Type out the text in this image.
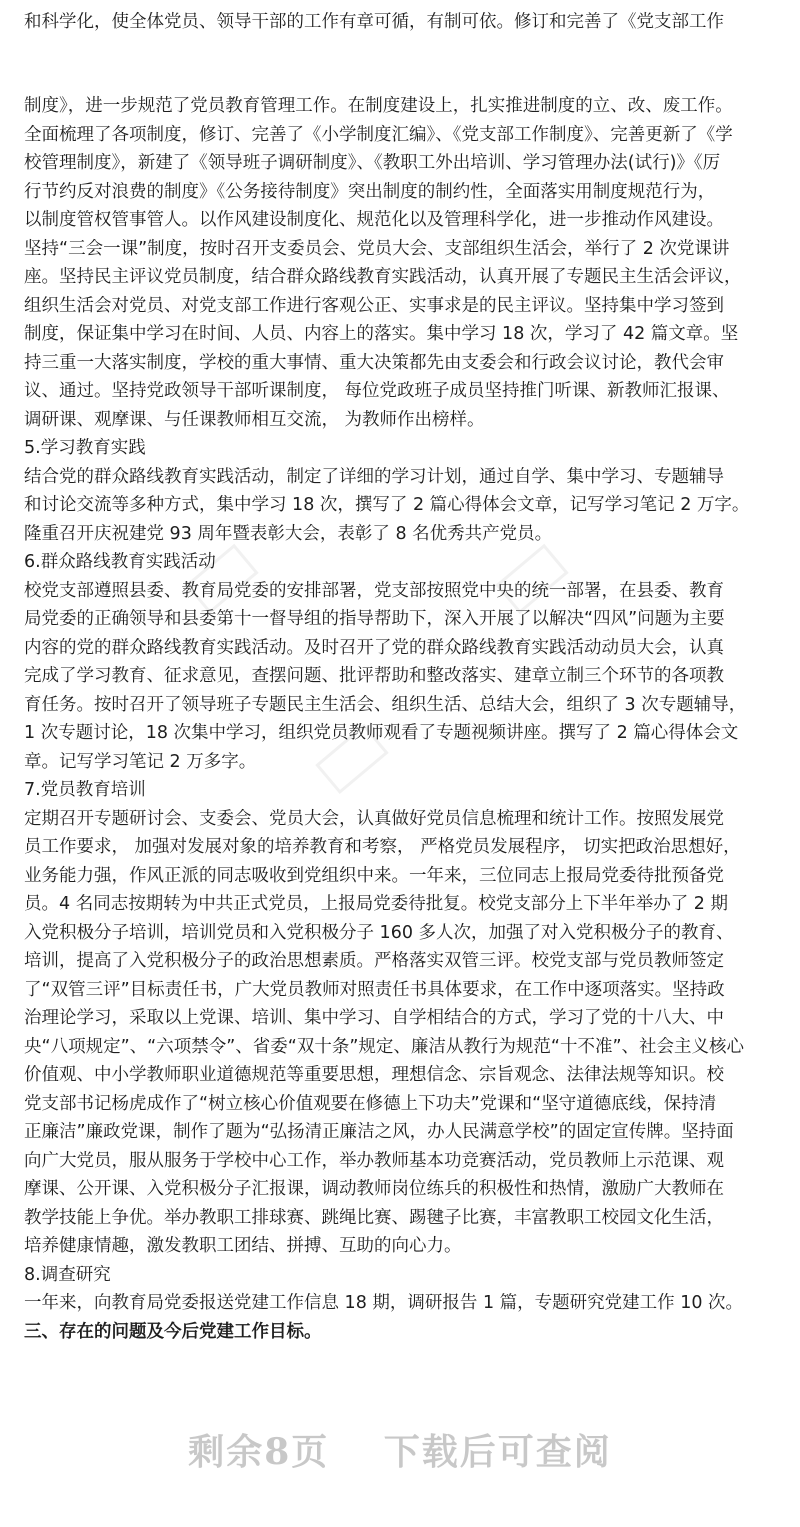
和科学化，使全体党员、领导干部的工作有章可循，有制可依。修订和完善了《党支部工作
制度》，进一步规范了党员教育管理工作。在制度建设上，扎实推进制度的立、改、废工作。
全面梳理了各项制度，修订、完善了《小学制度汇编》、《党支部工作制度》、完善更新了《学
校管理制度》，新建了《领导班子调研制度》、《教职工外出培训、学习管理办法(试行)》《厉
行节约反对浪费的制度》《公务接待制度》突出制度的制约性，全面落实用制度规范行为，
以制度管权管事管人。以作风建设制度化、规范化以及管理科学化，进一步推动作风建设。
坚持“三会一课”制度，按时召开支委员会、党员大会、支部组织生活会，举行了 2 次党课讲
座。坚持民主评议党员制度，结合群众路线教育实践活动，认真开展了专题民主生活会评议，
组织生活会对党员、对党支部工作进行客观公正、实事求是的民主评议。坚持集中学习签到
制度，保证集中学习在时间、人员、内容上的落实。集中学习 18 次，学习了 42 篇文章。坚
持三重一大落实制度，学校的重大事情、重大决策都先由支委会和行政会议讨论，教代会审
议、通过。坚持党政领导干部听课制度， 每位党政班子成员坚持推门听课、新教师汇报课、
调研课、观摩课、与任课教师相互交流， 为教师作出榜样。
5.学习教育实践
结合党的群众路线教育实践活动，制定了详细的学习计划，通过自学、集中学习、专题辅导
和讨论交流等多种方式，集中学习 18 次，撰写了 2 篇心得体会文章，记写学习笔记 2 万字。
隆重召开庆祝建党 93 周年暨表彰大会，表彰了 8 名优秀共产党员。
6.群众路线教育实践活动
校党支部遵照县委、教育局党委的安排部署，党支部按照党中央的统一部署，在县委、教育
局党委的正确领导和县委第十一督导组的指导帮助下，深入开展了以解决“四风”问题为主要
内容的党的群众路线教育实践活动。及时召开了党的群众路线教育实践活动动员大会，认真
完成了学习教育、征求意见，查摆问题、批评帮助和整改落实、建章立制三个环节的各项教
育任务。按时召开了领导班子专题民主生活会、组织生活、总结大会，组织了 3 次专题辅导，
1 次专题讨论，18 次集中学习，组织党员教师观看了专题视频讲座。撰写了 2 篇心得体会文
章。记写学习笔记 2 万多字。
7.党员教育培训
定期召开专题研讨会、支委会、党员大会，认真做好党员信息梳理和统计工作。按照发展党
员工作要求， 加强对发展对象的培养教育和考察， 严格党员发展程序， 切实把政治思想好，
业务能力强，作风正派的同志吸收到党组织中来。一年来，三位同志上报局党委待批预备党
员。4 名同志按期转为中共正式党员，上报局党委待批复。校党支部分上下半年举办了 2 期
入党积极分子培训，培训党员和入党积极分子 160 多人次，加强了对入党积极分子的教育、
培训，提高了入党积极分子的政治思想素质。严格落实双管三评。校党支部与党员教师签定
了“双管三评”目标责任书，广大党员教师对照责任书具体要求，在工作中逐项落实。坚持政
治理论学习，采取以上党课、培训、集中学习、自学相结合的方式，学习了党的十八大、中
央“八项规定”、“六项禁令”、省委“双十条”规定、廉洁从教行为规范“十不准”、社会主义核心
价值观、中小学教师职业道德规范等重要思想，理想信念、宗旨观念、法律法规等知识。校
党支部书记杨虎成作了“树立核心价值观要在修德上下功夫”党课和“坚守道德底线，保持清
正廉洁”廉政党课，制作了题为“弘扬清正廉洁之风，办人民满意学校”的固定宣传牌。坚持面
向广大党员，服从服务于学校中心工作，举办教师基本功竞赛活动，党员教师上示范课、观
摩课、公开课、入党积极分子汇报课，调动教师岗位练兵的积极性和热情，激励广大教师在
教学技能上争优。举办教职工排球赛、跳绳比赛、踢毽子比赛，丰富教职工校园文化生活，
培养健康情趣，激发教职工团结、拼搏、互助的向心力。
8.调查研究
一年来，向教育局党委报送党建工作信息 18 期，调研报告 1 篇，专题研究党建工作 10 次。
三、存在的问题及今后党建工作目标。
剩余8页 下载后可查阅
